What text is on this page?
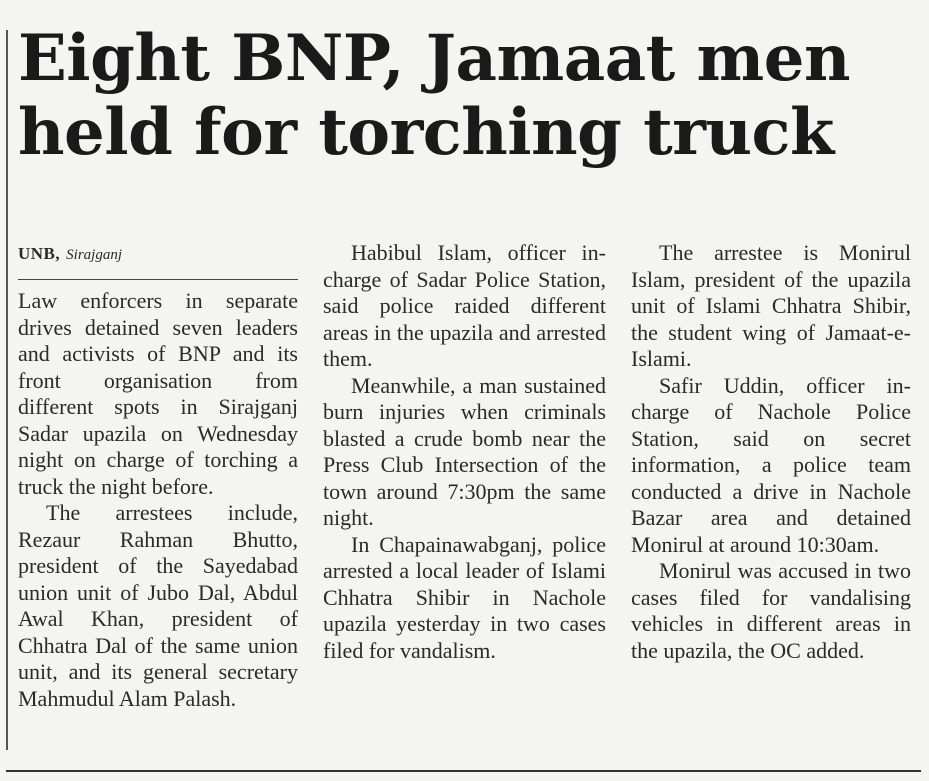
Eight BNP, Jamaat men
held for torching truck
UNB, Sirajganj

Law enforcers in separate drives detained seven leaders and activists of BNP and its front organisation from different spots in Sirajganj Sadar upazila on Wednesday night on charge of torching a truck the night before.

The arrestees include, Rezaur Rahman Bhutto, president of the Sayedabad union unit of Jubo Dal, Abdul Awal Khan, president of Chhatra Dal of the same union unit, and its general secretary Mahmudul Alam Palash.

Habibul Islam, officer in-charge of Sadar Police Station, said police raided different areas in the upazila and arrested them.

Meanwhile, a man sustained burn injuries when criminals blasted a crude bomb near the Press Club Intersection of the town around 7:30pm the same night.

In Chapainawabganj, police arrested a local leader of Islami Chhatra Shibir in Nachole upazila yesterday in two cases filed for vandalism.

The arrestee is Monirul Islam, president of the upazila unit of Islami Chhatra Shibir, the student wing of Jamaat-e-Islami.

Safir Uddin, officer in-charge of Nachole Police Station, said on secret information, a police team conducted a drive in Nachole Bazar area and detained Monirul at around 10:30am.

Monirul was accused in two cases filed for vandalising vehicles in different areas in the upazila, the OC added.
